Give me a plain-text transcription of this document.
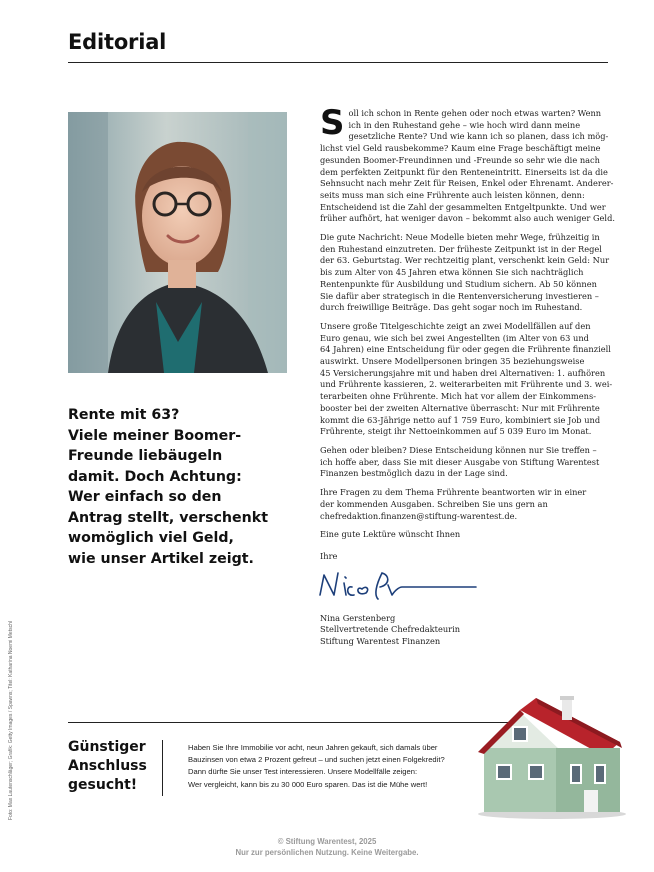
Editorial
Rente mit 63?
Viele meiner Boomer-
Freunde liebäugeln
damit. Doch Achtung:
Wer einfach so den
Antrag stellt, verschenkt
womöglich viel Geld,
wie unser Artikel zeigt.

S oll ich schon in Rente gehen oder noch etwas warten? Wenn
ich in den Ruhestand gehe – wie hoch wird dann meine
gesetzliche Rente? Und wie kann ich so planen, dass ich mög-
lichst viel Geld rausbekomme? Kaum eine Frage beschäftigt meine
gesunden Boomer-Freundinnen und -Freunde so sehr wie die nach
dem perfekten Zeitpunkt für den Renteneintritt. Einerseits ist da die
Sehnsucht nach mehr Zeit für Reisen, Enkel oder Ehrenamt. Anderer-
seits muss man sich eine Frührente auch leisten können, denn:
Entscheidend ist die Zahl der gesammelten Entgeltpunkte. Und wer
früher aufhört, hat weniger davon – bekommt also auch weniger Geld.

Die gute Nachricht: Neue Modelle bieten mehr Wege, frühzeitig in
den Ruhestand einzutreten. Der früheste Zeitpunkt ist in der Regel
der 63. Geburtstag. Wer rechtzeitig plant, verschenkt kein Geld: Nur
bis zum Alter von 45 Jahren etwa können Sie sich nachträglich
Rentenpunkte für Ausbildung und Studium sichern. Ab 50 können
Sie dafür aber strategisch in die Rentenversicherung investieren –
durch freiwillige Beiträge. Das geht sogar noch im Ruhestand.

Unsere große Titelgeschichte zeigt an zwei Modellfällen auf den
Euro genau, wie sich bei zwei Angestellten (im Alter von 63 und
64 Jahren) eine Entscheidung für oder gegen die Frührente finanziell
auswirkt. Unsere Modellpersonen bringen 35 beziehungsweise
45 Versicherungsjahre mit und haben drei Alternativen: 1. aufhören
und Frührente kassieren, 2. weiterarbeiten mit Frührente und 3. wei-
terarbeiten ohne Frührente. Mich hat vor allem der Einkommens-
booster bei der zweiten Alternative überrascht: Nur mit Frührente
kommt die 63-Jährige netto auf 1 759 Euro, kombiniert sie Job und
Frührente, steigt ihr Nettoeinkommen auf 5 039 Euro im Monat.

Gehen oder bleiben? Diese Entscheidung können nur Sie treffen –
ich hoffe aber, dass Sie mit dieser Ausgabe von Stiftung Warentest
Finanzen bestmöglich dazu in der Lage sind.

Ihre Fragen zu dem Thema Frührente beantworten wir in einer
der kommenden Ausgaben. Schreiben Sie uns gern an
chefredaktion.finanzen@stiftung-warentest.de.

Eine gute Lektüre wünscht Ihnen
Ihre
Nina Gerstenberg
Stellvertretende Chefredakteurin
Stiftung Warentest Finanzen
Foto: Max Lautenschläger; Grafik: Getty Images / Spawns; Titel: Katharina Noemi Metschl	Günstiger
Anschluss
gesucht!
Haben Sie Ihre Immobilie vor acht, neun Jahren gekauft, sich damals über
Bauzinsen von etwa 2 Prozent gefreut – und suchen jetzt einen Folgekredit?
Dann dürfte Sie unser Test interessieren. Unsere Modellfälle zeigen:
Wer vergleicht, kann bis zu 30 000 Euro sparen. Das ist die Mühe wert!
© Stiftung Warentest, 2025
Nur zur persönlichen Nutzung. Keine Weitergabe.
